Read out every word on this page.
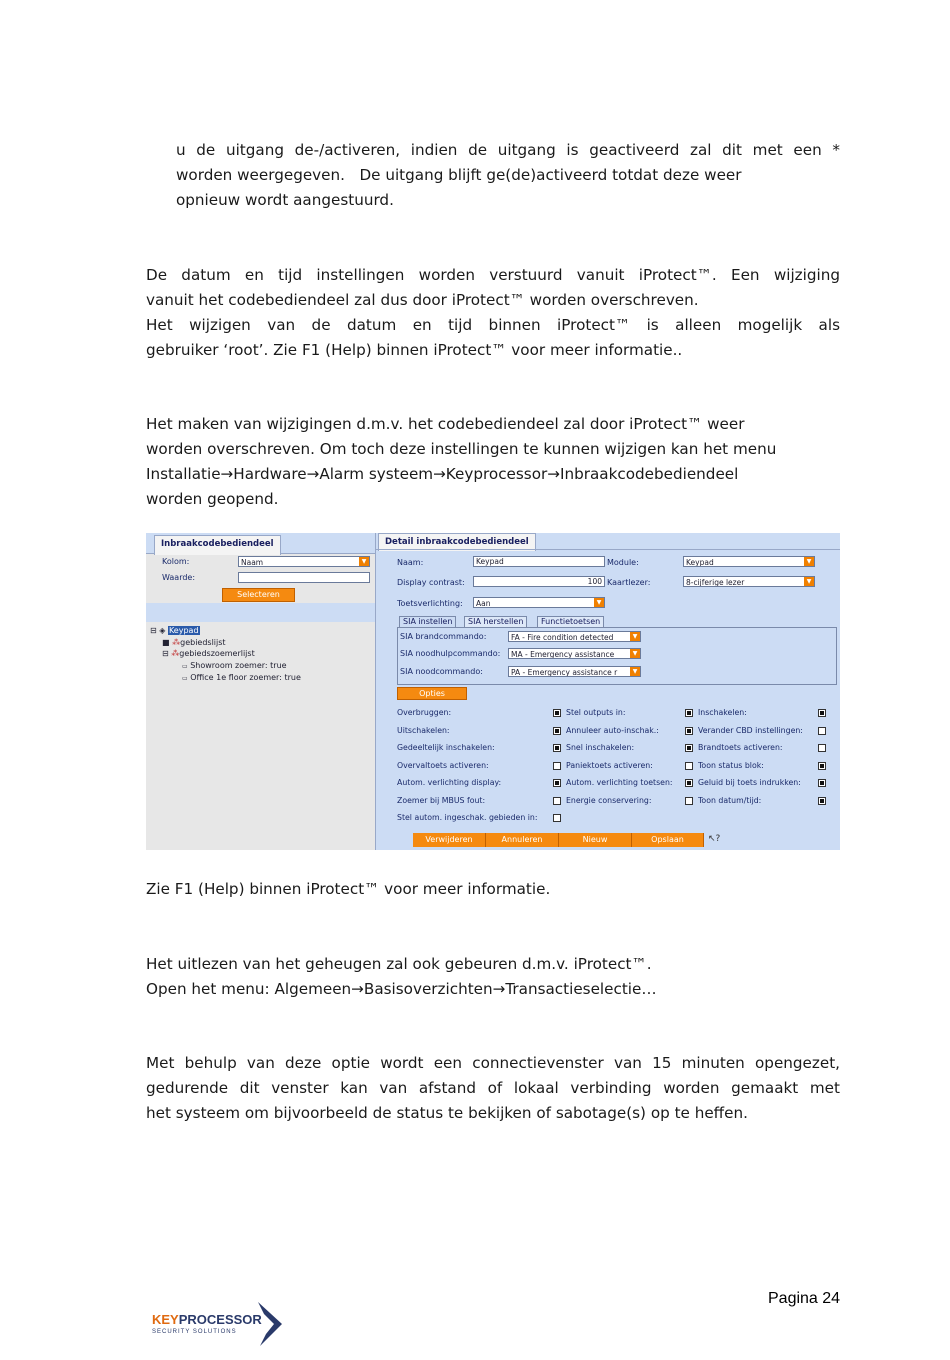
u de uitgang de-/activeren, indien de uitgang is geactiveerd zal dit met een *
worden weergegeven.   De uitgang blijft ge(de)activeerd totdat deze weer
opnieuw wordt aangestuurd.
De datum en tijd instellingen worden verstuurd vanuit iProtect™. Een wijziging
vanuit het codebediendeel zal dus door iProtect™ worden overschreven.
Het wijzigen van de datum en tijd binnen iProtect™ is alleen mogelijk als
gebruiker ‘root’. Zie F1 (Help) binnen iProtect™ voor meer informatie..
Het maken van wijzigingen d.m.v. het codebediendeel zal door iProtect™ weer
worden overschreven. Om toch deze instellingen te kunnen wijzigen kan het menu
Installatie→Hardware→Alarm systeem→Keyprocessor→Inbraakcodebediendeel
worden geopend.
Inbraakcodebediendeel
Kolom:	Naam	▼
Waarde:
Selecteren
⊟ ◈ Keypad
■ ⁂gebiedslijst
⊟ ⁂gebiedszoemerlijst
▭ Showroom zoemer: true
▭ Office 1e floor zoemer: true
Detail inbraakcodebediendeel
Naam:	Keypad	Module:	Keypad	▼
Display contrast:	100 Kaartlezer:	8-cijferige lezer	▼
Toetsverlichting:	Aan	▼
SIA instellen	SIA herstellen	Functietoetsen
SIA brandcommando:	FA - Fire condition detected	▼
SIA noodhulpcommando:	MA - Emergency assistance	▼
SIA noodcommando:	PA - Emergency assistance r	▼
Opties
Verwijderen	Annuleren	Nieuw	Opslaan	↖?
Overbruggen:	Stel outputs in:	Inschakelen:
Uitschakelen:	Annuleer auto-inschak.:	Verander CBD instellingen:
Gedeeltelijk inschakelen:	Snel inschakelen:	Brandtoets activeren:
Overvaltoets activeren:	Paniektoets activeren:	Toon status blok:
Autom. verlichting display:	Autom. verlichting toetsen:	Geluid bij toets indrukken:
Zoemer bij MBUS fout:	Energie conservering:	Toon datum/tijd:
Stel autom. ingeschak. gebieden in:
Zie F1 (Help) binnen iProtect™ voor meer informatie.
Het uitlezen van het geheugen zal ook gebeuren d.m.v. iProtect™.
Open het menu: Algemeen→Basisoverzichten→Transactieselectie…
Met behulp van deze optie wordt een connectievenster van 15 minuten opengezet,
gedurende dit venster kan van afstand of lokaal verbinding worden gemaakt met
het systeem om bijvoorbeeld de status te bekijken of sabotage(s) op te heffen.
Pagina 24
KEYPROCESSOR
SECURITY SOLUTIONS
